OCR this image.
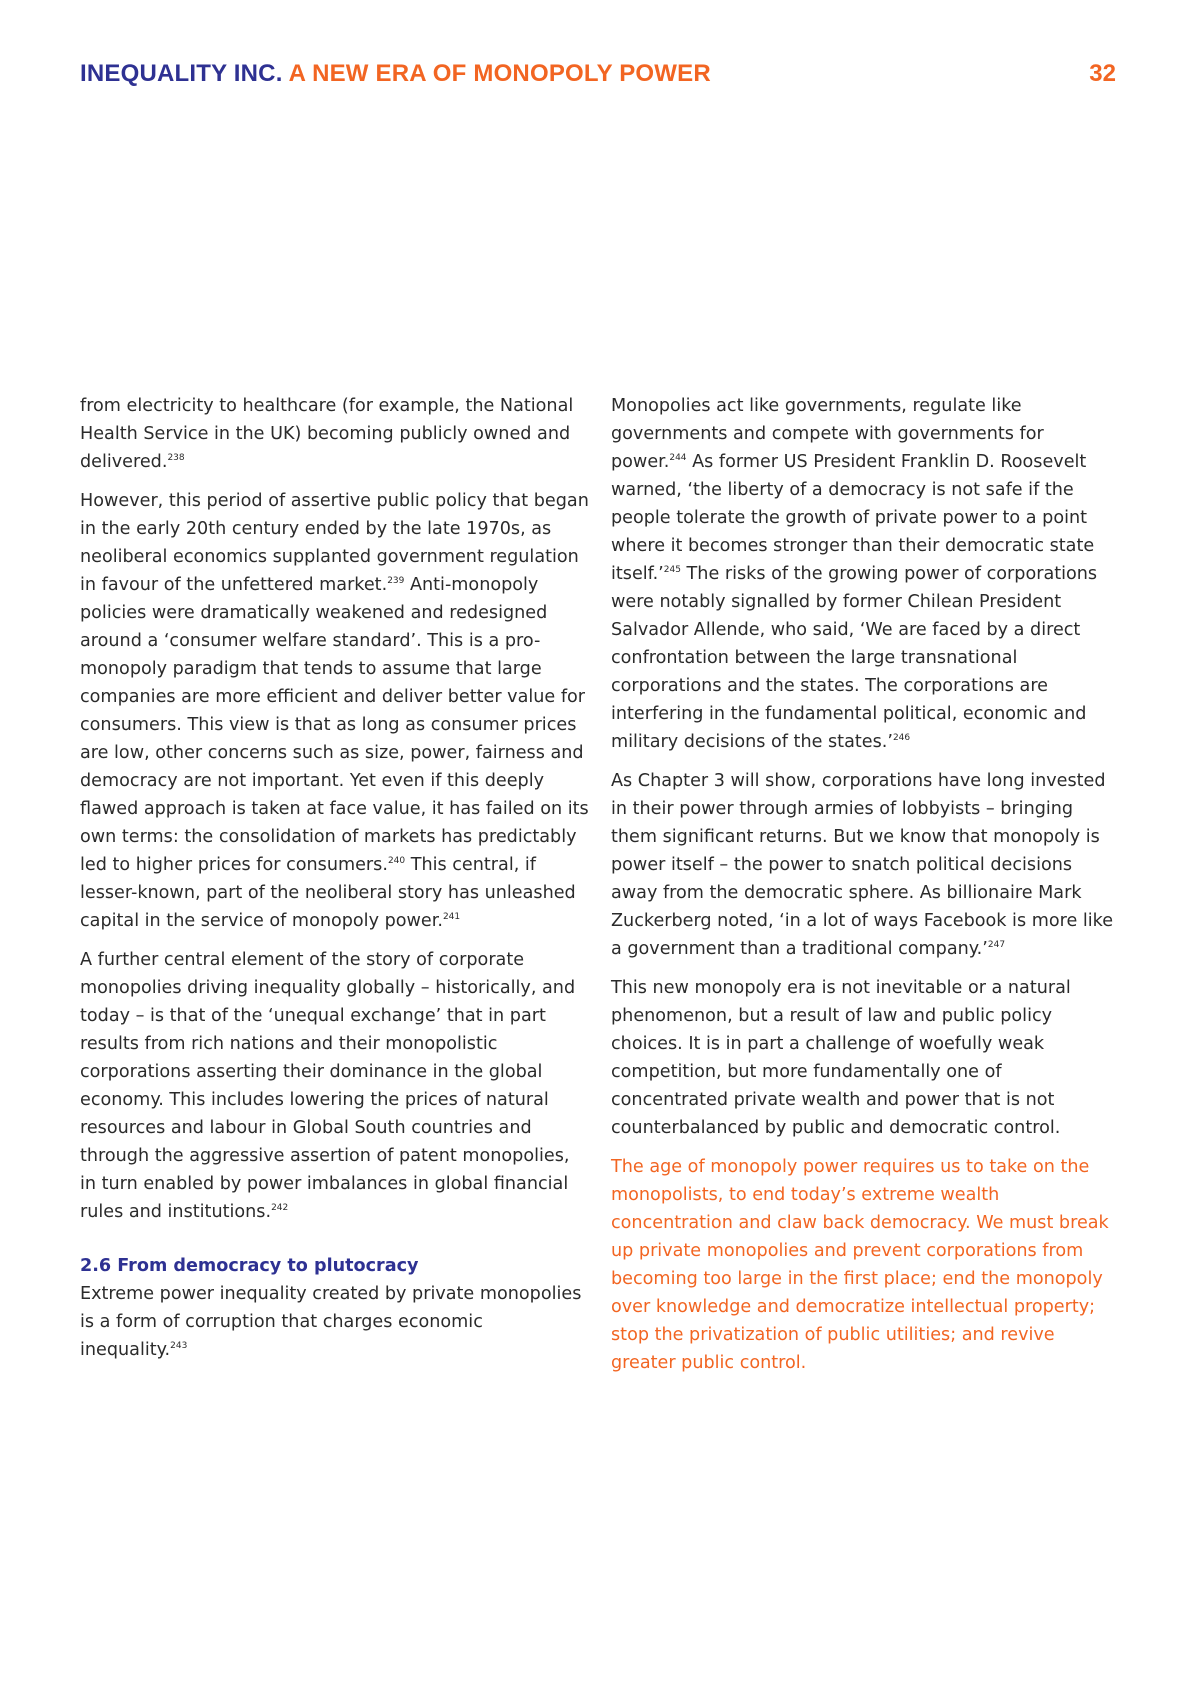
INEQUALITY INC. A NEW ERA OF MONOPOLY POWER	32

from electricity to healthcare (for example, the National Health Service in the UK) becoming publicly owned and delivered.$^{238}$

However, this period of assertive public policy that began in the early 20th century ended by the late 1970s, as neoliberal economics supplanted government regulation in favour of the unfettered market.$^{239}$ Anti-monopoly policies were dramatically weakened and redesigned around a ‘consumer welfare standard’. This is a pro-monopoly paradigm that tends to assume that large companies are more efficient and deliver better value for consumers. This view is that as long as consumer prices are low, other concerns such as size, power, fairness and democracy are not important. Yet even if this deeply flawed approach is taken at face value, it has failed on its own terms: the consolidation of markets has predictably led to higher prices for consumers.$^{240}$ This central, if lesser-known, part of the neoliberal story has unleashed capital in the service of monopoly power.$^{241}$

A further central element of the story of corporate monopolies driving inequality globally – historically, and today – is that of the ‘unequal exchange’ that in part results from rich nations and their monopolistic corporations asserting their dominance in the global economy. This includes lowering the prices of natural resources and labour in Global South countries and through the aggressive assertion of patent monopolies, in turn enabled by power imbalances in global financial rules and institutions.$^{242}$

2.6 From democracy to plutocracy

Extreme power inequality created by private monopolies is a form of corruption that charges economic inequality.$^{243}$

Monopolies act like governments, regulate like governments and compete with governments for power.$^{244}$ As former US President Franklin D. Roosevelt warned, ‘the liberty of a democracy is not safe if the people tolerate the growth of private power to a point where it becomes stronger than their democratic state itself.’$^{245}$ The risks of the growing power of corporations were notably signalled by former Chilean President Salvador Allende, who said, ‘We are faced by a direct confrontation between the large transnational corporations and the states. The corporations are interfering in the fundamental political, economic and military decisions of the states.’$^{246}$

As Chapter 3 will show, corporations have long invested in their power through armies of lobbyists – bringing them significant returns. But we know that monopoly is power itself – the power to snatch political decisions away from the democratic sphere. As billionaire Mark Zuckerberg noted, ‘in a lot of ways Facebook is more like a government than a traditional company.’$^{247}$

This new monopoly era is not inevitable or a natural phenomenon, but a result of law and public policy choices. It is in part a challenge of woefully weak competition, but more fundamentally one of concentrated private wealth and power that is not counterbalanced by public and democratic control.

The age of monopoly power requires us to take on the monopolists, to end today’s extreme wealth concentration and claw back democracy. We must break up private monopolies and prevent corporations from becoming too large in the first place; end the monopoly over knowledge and democratize intellectual property; stop the privatization of public utilities; and revive greater public control.
